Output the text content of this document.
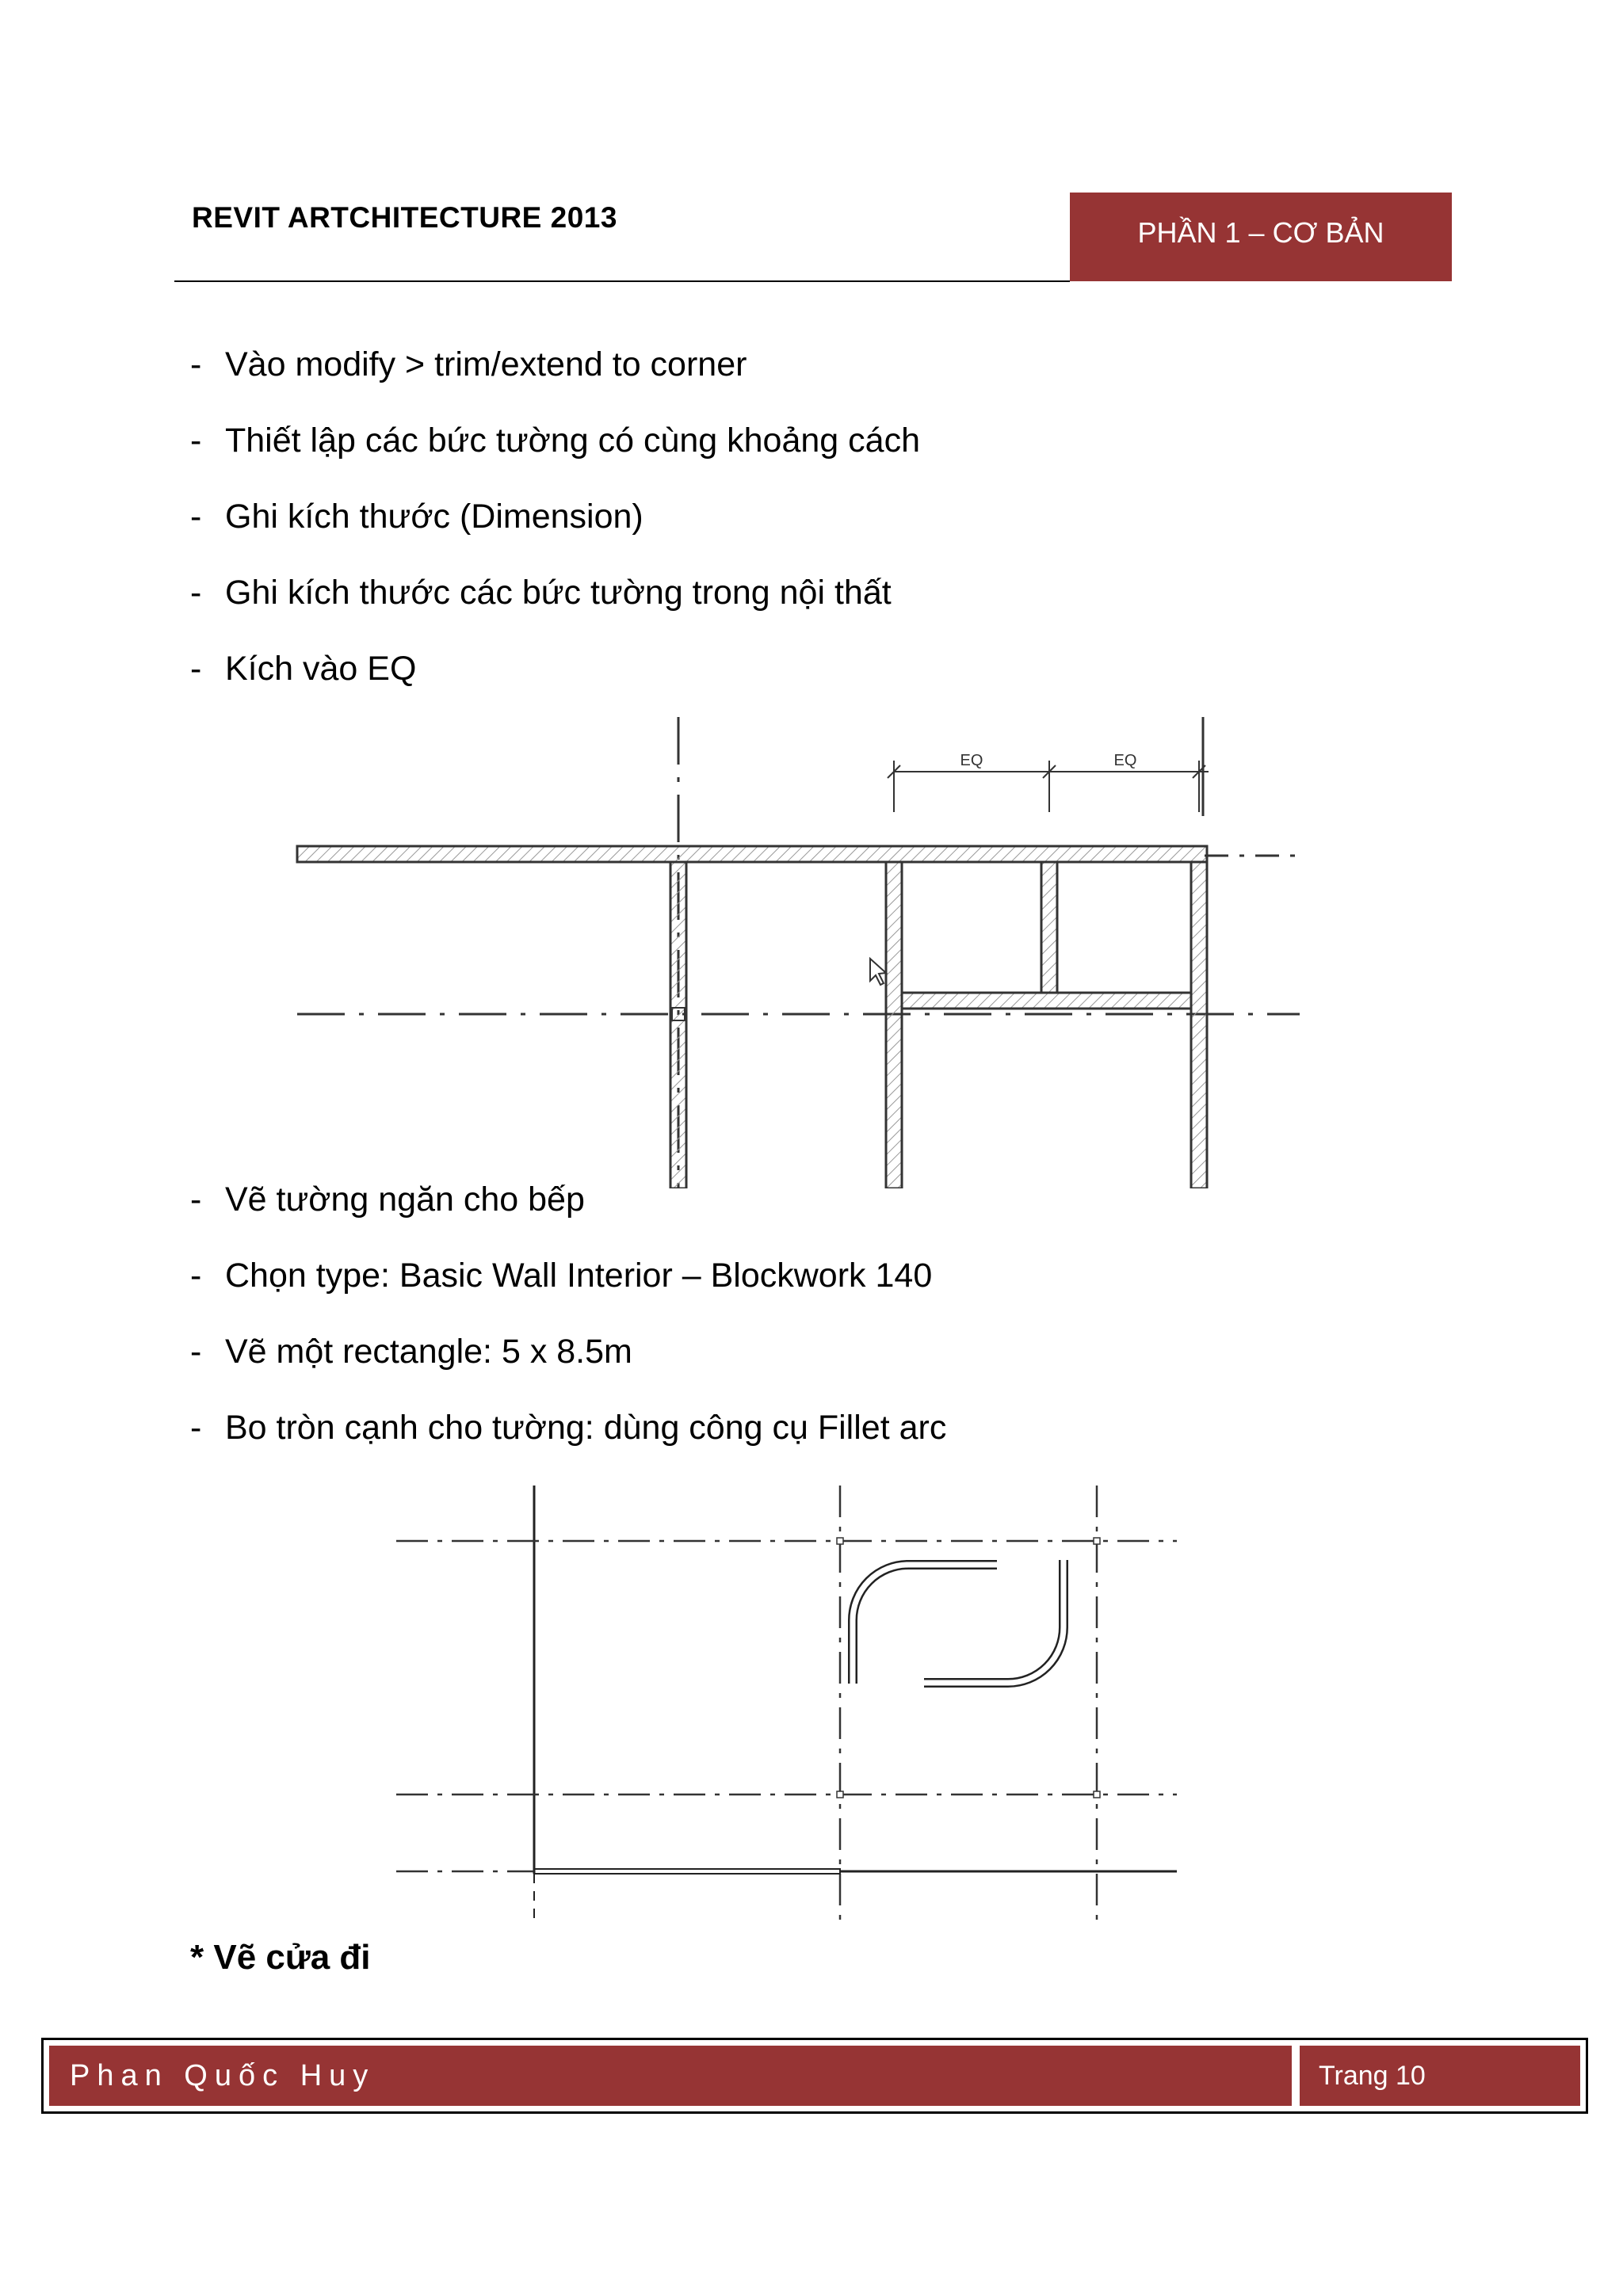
REVIT ARTCHITECTURE 2013	PHẦN 1 – CƠ BẢN
- Vào modify > trim/extend to corner
- Thiết lập các bức tường có cùng khoảng cách
- Ghi kích thước (Dimension)
- Ghi kích thước các bức tường trong nội thất
- Kích vào EQ
EQ	EQ
- Vẽ tường ngăn cho bếp
- Chọn type: Basic Wall Interior – Blockwork 140
- Vẽ một rectangle: 5 x 8.5m
- Bo tròn cạnh cho tường: dùng công cụ Fillet arc
* Vẽ cửa đi
Phan Quốc Huy	Trang 10
